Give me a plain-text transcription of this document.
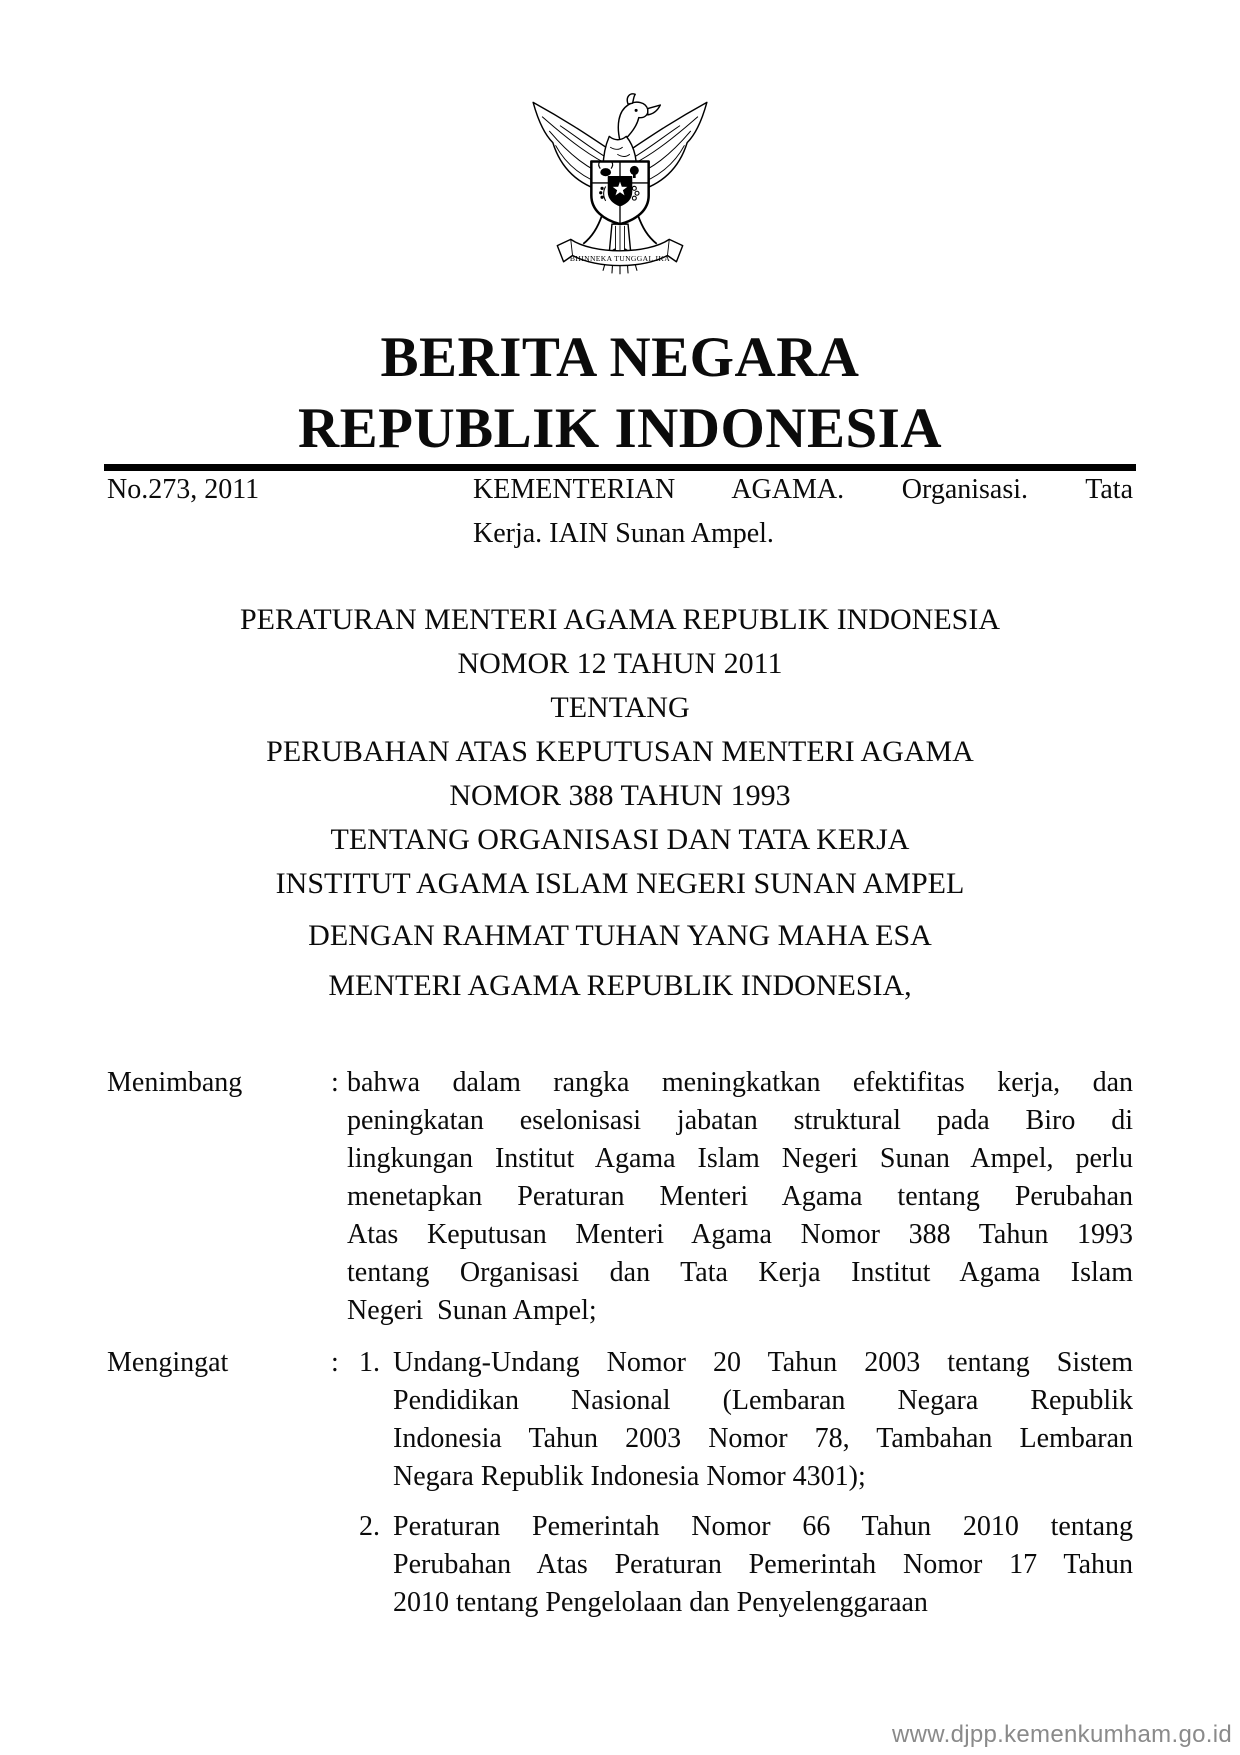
BHINNEKA TUNGGAL IKA
BERITA NEGARA
REPUBLIK INDONESIA
No.273, 2011	KEMENTERIAN AGAMA. Organisasi. Tata
Kerja. IAIN Sunan Ampel.
PERATURAN MENTERI AGAMA REPUBLIK INDONESIA
NOMOR 12 TAHUN 2011
TENTANG
PERUBAHAN ATAS KEPUTUSAN MENTERI AGAMA
NOMOR 388 TAHUN 1993
TENTANG ORGANISASI DAN TATA KERJA
INSTITUT AGAMA ISLAM NEGERI SUNAN AMPEL
DENGAN RAHMAT TUHAN YANG MAHA ESA
MENTERI AGAMA REPUBLIK INDONESIA,
Menimbang	: bahwa dalam rangka meningkatkan efektifitas kerja, dan
peningkatan eselonisasi jabatan struktural pada Biro di
lingkungan Institut Agama Islam Negeri Sunan Ampel, perlu
menetapkan Peraturan Menteri Agama tentang Perubahan
Atas Keputusan Menteri Agama Nomor 388 Tahun 1993
tentang Organisasi dan Tata Kerja Institut Agama Islam
Negeri  Sunan Ampel;
Mengingat	: 1. Undang-Undang Nomor 20 Tahun 2003 tentang Sistem
Pendidikan Nasional (Lembaran Negara Republik
Indonesia Tahun 2003 Nomor 78, Tambahan Lembaran
Negara Republik Indonesia Nomor 4301);
2. Peraturan Pemerintah Nomor 66 Tahun 2010 tentang
Perubahan Atas Peraturan Pemerintah Nomor 17 Tahun
2010 tentang Pengelolaan dan Penyelenggaraan
www.djpp.kemenkumham.go.id
